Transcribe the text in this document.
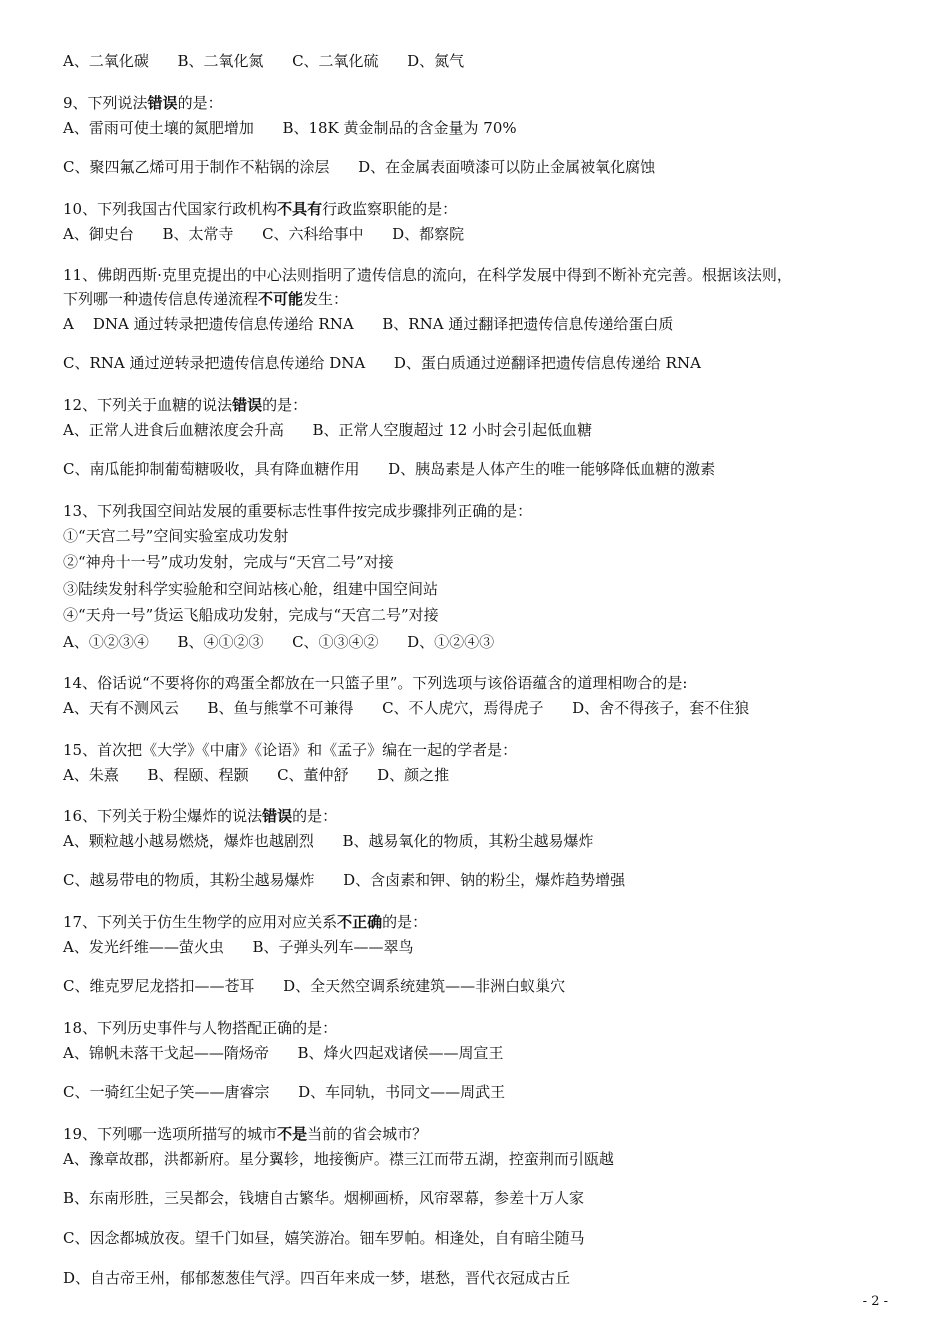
A、二氧化碳      B、二氧化氮      C、二氧化硫      D、氮气
9、下列说法错误的是：
A、雷雨可使土壤的氮肥增加      B、18K 黄金制品的含金量为 70%
C、聚四氟乙烯可用于制作不粘锅的涂层      D、在金属表面喷漆可以防止金属被氧化腐蚀
10、下列我国古代国家行政机构不具有行政监察职能的是：
A、御史台      B、太常寺      C、六科给事中      D、都察院
11、佛朗西斯·克里克提出的中心法则指明了遗传信息的流向，在科学发展中得到不断补充完善。根据该法则，
下列哪一种遗传信息传递流程不可能发生：
A    DNA 通过转录把遗传信息传递给 RNA      B、RNA 通过翻译把遗传信息传递给蛋白质
C、RNA 通过逆转录把遗传信息传递给 DNA      D、蛋白质通过逆翻译把遗传信息传递给 RNA
12、下列关于血糖的说法错误的是：
A、正常人进食后血糖浓度会升高      B、正常人空腹超过 12 小时会引起低血糖
C、南瓜能抑制葡萄糖吸收，具有降血糖作用      D、胰岛素是人体产生的唯一能够降低血糖的激素
13、下列我国空间站发展的重要标志性事件按完成步骤排列正确的是：
①“天宫二号”空间实验室成功发射
②“神舟十一号”成功发射，完成与“天宫二号”对接
③陆续发射科学实验舱和空间站核心舱，组建中国空间站
④“天舟一号”货运飞船成功发射，完成与“天宫二号”对接
A、①②③④      B、④①②③      C、①③④②      D、①②④③
14、俗话说“不要将你的鸡蛋全都放在一只篮子里”。下列选项与该俗语蕴含的道理相吻合的是:
A、天有不测风云      B、鱼与熊掌不可兼得      C、不人虎穴，焉得虎子      D、舍不得孩子，套不住狼
15、首次把《大学》《中庸》《论语》和《孟子》编在一起的学者是：
A、朱熹      B、程颐、程颢      C、董仲舒      D、颜之推
16、下列关于粉尘爆炸的说法错误的是：
A、颗粒越小越易燃烧，爆炸也越剧烈      B、越易氧化的物质，其粉尘越易爆炸
C、越易带电的物质，其粉尘越易爆炸      D、含卤素和钾、钠的粉尘，爆炸趋势增强
17、下列关于仿生生物学的应用对应关系不正确的是：
A、发光纤维——萤火虫      B、子弹头列车——翠鸟
C、维克罗尼龙搭扣——苍耳      D、全天然空调系统建筑——非洲白蚁巢穴
18、下列历史事件与人物搭配正确的是：
A、锦帆未落干戈起——隋炀帝      B、烽火四起戏诸侯——周宣王
C、一骑红尘妃子笑——唐睿宗      D、车同轨，书同文——周武王
19、下列哪一选项所描写的城市不是当前的省会城市？
A、豫章故郡，洪都新府。星分翼轸，地接衡庐。襟三江而带五湖，控蛮荆而引瓯越
B、东南形胜，三吴都会，钱塘自古繁华。烟柳画桥，风帘翠幕，参差十万人家
C、因念都城放夜。望千门如昼，嬉笑游冶。钿车罗帕。相逢处，自有暗尘随马
D、自古帝王州，郁郁葱葱佳气浮。四百年来成一梦，堪愁，晋代衣冠成古丘
- 2 -
